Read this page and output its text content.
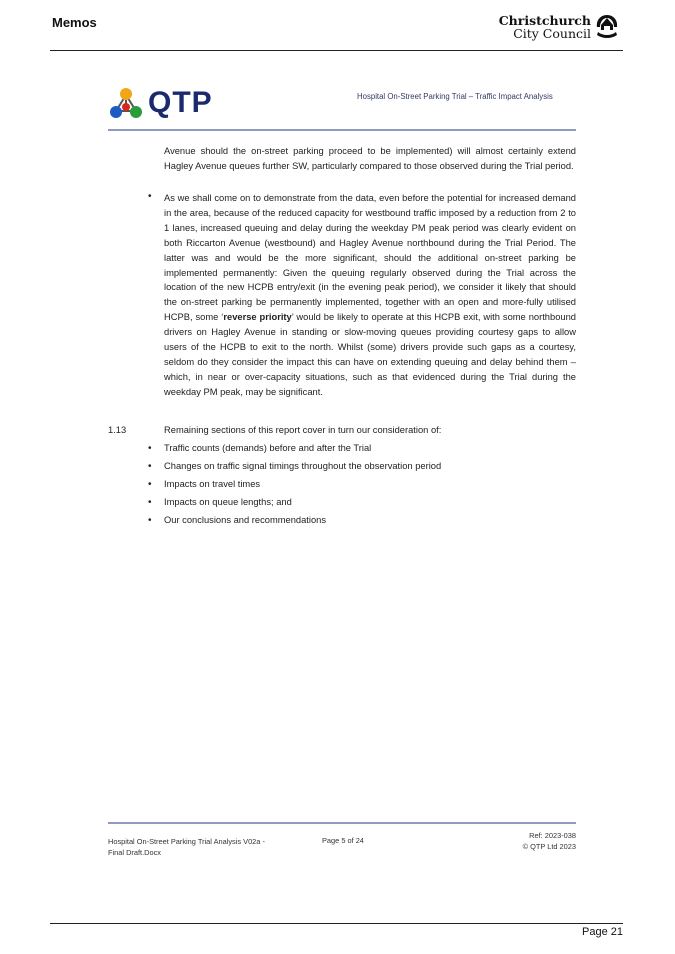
Memos	Christchurch
City Council
QTP	Hospital On-Street Parking Trial – Traffic Impact Analysis
Avenue should the on-street parking proceed to be implemented) will almost certainly extend Hagley Avenue queues further SW, particularly compared to those observed during the Trial period.
• As we shall come on to demonstrate from the data, even before the potential for increased demand in the area, because of the reduced capacity for westbound traffic imposed by a reduction from 2 to 1 lanes, increased queuing and delay during the weekday PM peak period was clearly evident on both Riccarton Avenue (westbound) and Hagley Avenue northbound during the Trial Period. The latter was and would be the more significant, should the additional on-street parking be implemented permanently: Given the queuing regularly observed during the Trial across the location of the new HCPB entry/exit (in the evening peak period), we consider it likely that should the on-street parking be permanently implemented, together with an open and more-fully utilised HCPB, some ‘reverse priority’ would be likely to operate at this HCPB exit, with some northbound drivers on Hagley Avenue in standing or slow-moving queues providing courtesy gaps to allow users of the HCPB to exit to the north. Whilst (some) drivers provide such gaps as a courtesy, seldom do they consider the impact this can have on extending queuing and delay behind them – which, in near or over-capacity situations, such as that evidenced during the Trial during the weekday PM peak, may be significant.
1.13	Remaining sections of this report cover in turn our consideration of:
• Traffic counts (demands) before and after the Trial
• Changes on traffic signal timings throughout the observation period
• Impacts on travel times
• Impacts on queue lengths; and
• Our conclusions and recommendations
Hospital On-Street Parking Trial Analysis V02a -
Final Draft.Docx
Page 5 of 24
Ref: 2023-038
© QTP Ltd 2023
Page 21
